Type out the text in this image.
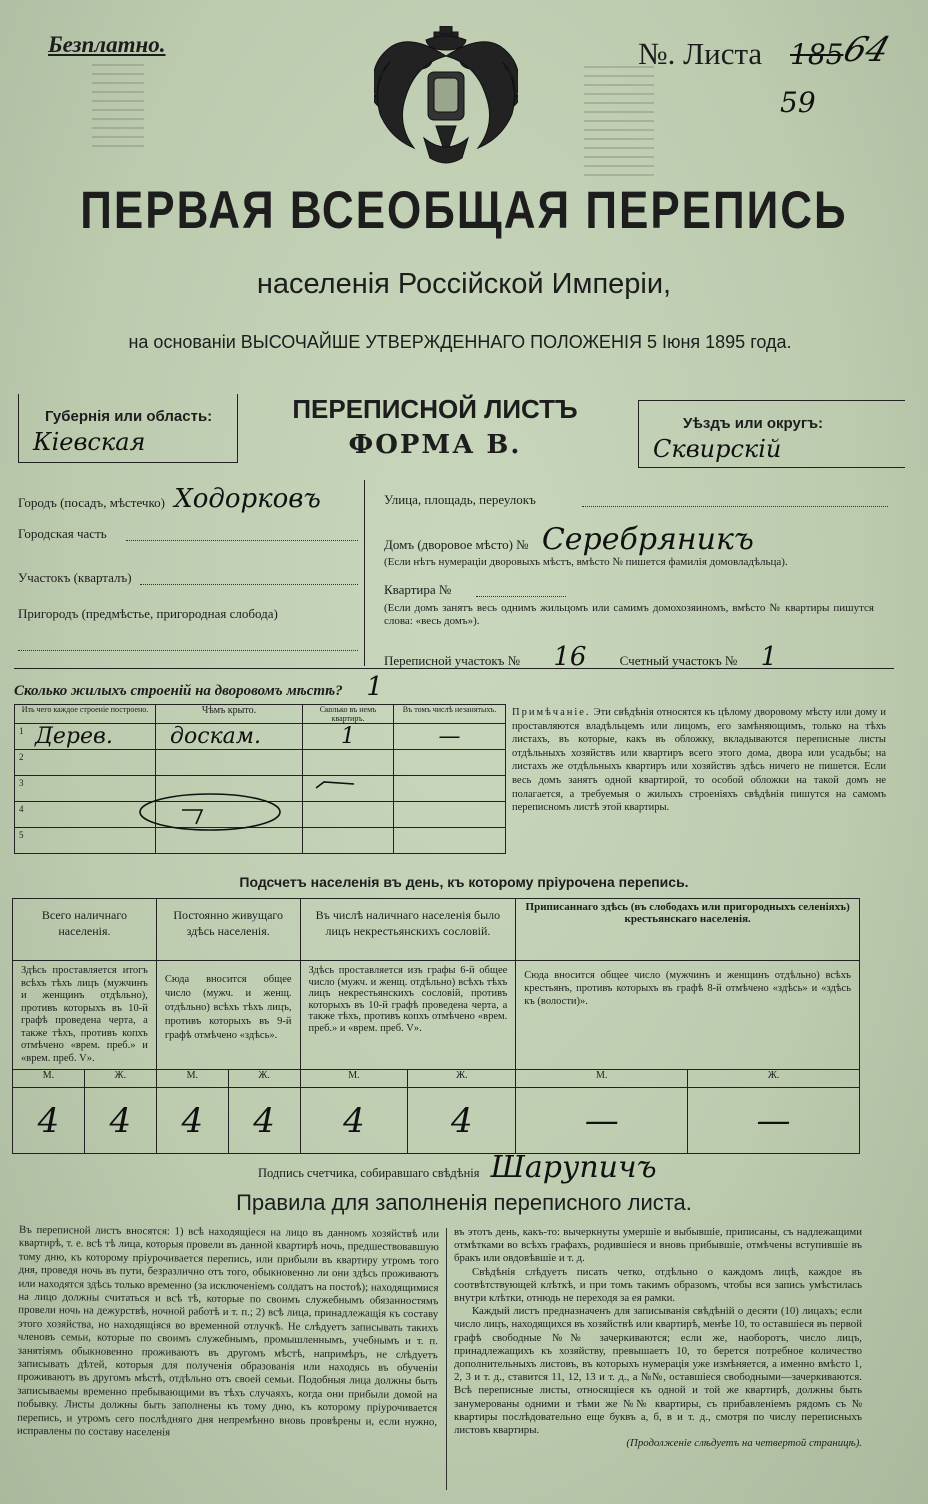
Безплатно.	№. Листа 185
64
59
ПЕРВАЯ ВСЕОБЩАЯ ПЕРЕПИСЬ
населенія Россійской Имперіи,
на основаніи ВЫСОЧАЙШЕ УТВЕРЖДЕННАГО ПОЛОЖЕНІЯ 5 Іюня 1895 года.
Губернія или область:
Кіевская
ПЕРЕПИСНОЙ ЛИСТЪ
ФОРМА В.
Уѣздъ или округъ:
Сквирскій
Городъ (посадъ, мѣстечко) Ходорковъ
Городская часть
Участокъ (кварталъ)
Пригородъ (предмѣстье, пригородная слобода)
Улица, площадь, переулокъ
Домъ (дворовое мѣсто) № Серебряникъ
(Если нѣтъ нумераціи дворовыхъ мѣстъ, вмѣсто № пишется фамилія домовладѣльца).
Квартира №
(Если домъ занятъ весь однимъ жильцомъ или самимъ домохозяиномъ, вмѣсто № квартиры пишутся слова: «весь домъ»).
Переписной участокъ № 16	Счетный участокъ № 1
Сколько жилыхъ строеній на дворовомъ мѣстѣ? 1
Изъ чего каждое строеніе построено.	Чѣмъ крыто.	Сколько въ немъ квартиръ.	Въ томъ числѣ незанятыхъ.

1 Дерев.	доскам.	1	—

2			

3			

4			

5			

Примѣчаніе. Эти свѣдѣнія относятся къ цѣлому дворовому мѣсту или дому и проставляются владѣльцемъ или лицомъ, его замѣняющимъ, только на тѣхъ листахъ, въ которые, какъ въ обложку, вкладываются переписные листы отдѣльныхъ хозяйствъ или квартиръ всего этого дома, двора или усадьбы; на листахъ же отдѣльныхъ квартиръ или хозяйствъ здѣсь ничего не пишется. Если весь домъ занятъ одной квартирой, то особой обложки на такой домъ не полагается, а требуемыя о жилыхъ строеніяхъ свѣдѣнія пишутся на самомъ переписномъ листѣ этой квартиры.
Подсчетъ населенія въ день, къ которому пріурочена перепись.
Всего наличнаго населенія.		Постоянно живущаго здѣсь населенія.		Въ числѣ наличнаго населенія было лицъ некрестьянскихъ сословій.		Приписаннаго здѣсь (въ слободахъ или пригородныхъ селеніяхъ) крестьянскаго населенія.	
Здѣсь проставляется итогъ всѣхъ тѣхъ лицъ (мужчинъ и женщинъ отдѣльно), противъ которыхъ въ 10-й графѣ проведена черта, а также тѣхъ, противъ копхъ отмѣчено «врем. преб.» и «врем. преб. V».		Сюда вносится общее число (мужч. и женщ. отдѣльно) всѣхъ тѣхъ лицъ, противъ которыхъ въ 9-й графѣ отмѣчено «здѣсь».		Здѣсь проставляется изъ графы 6-й общее число (мужч. и женщ. отдѣльно) всѣхъ тѣхъ лицъ некрестьянскихъ сословій, противъ которыхъ въ 10-й графѣ проведена черта, а также тѣхъ, противъ копхъ отмѣчено «врем. преб.» и «врем. преб. V».		Сюда вносится общее число (мужчинъ и женщинъ отдѣльно) всѣхъ крестьянъ, противъ которыхъ въ графѣ 8-й отмѣчено «здѣсь» и «здѣсь къ (волости)».	
М.	Ж.	М.	Ж.	М.	Ж.	М.	Ж.
4	4	4	4	4	4	—	—
Подпись счетчика, собиравшаго свѣдѣнія Шарупичъ
Правила для заполненія переписного листа.
Въ переписной листъ вносятся: 1) всѣ находящіеся на лицо въ данномъ хозяйствѣ или квартирѣ, т. е. всѣ тѣ лица, которыя провели въ данной квартирѣ ночь, предшествовавшую тому дню, къ которому пріурочивается перепись, или прибыли въ квартиру утромъ того дня, проведя ночь въ пути, безразлично отъ того, обыкновенно ли они здѣсь проживаютъ или находятся здѣсь только временно (за исключеніемъ солдатъ на постоѣ); находящимися на лицо должны считаться и всѣ тѣ, которые по своимъ служебнымъ обязанностямъ провели ночь на дежурствѣ, ночной работѣ и т. п.; 2) всѣ лица, принадлежащія къ составу этого хозяйства, но находящіяся во временной отлучкѣ. Не слѣдуетъ записывать такихъ членовъ семьи, которые по своимъ служебнымъ, промышленнымъ, учебнымъ и т. п. занятіямъ обыкновенно проживаютъ въ другомъ мѣстѣ, напримѣръ, не слѣдуетъ записывать дѣтей, которыя для полученія образованія или находясь въ обученіи проживаютъ въ другомъ мѣстѣ, отдѣльно отъ своей семьи. Подобныя лица должны быть записываемы временно пребывающими въ тѣхъ случаяхъ, когда они прибыли домой на побывку. Листы должны быть заполнены къ тому дню, къ которому пріурочивается перепись, и утромъ сего послѣдняго дня непремѣнно вновь провѣрены и, если нужно, исправлены по составу населенія
въ этотъ день, какъ-то: вычеркнуты умершіе и выбывшіе, приписаны, съ надлежащими отмѣтками во всѣхъ графахъ, родившіеся и вновь прибывшіе, отмѣчены вступившіе въ бракъ или овдовѣвшіе и т. д.
Свѣдѣнія слѣдуетъ писать четко, отдѣльно о каждомъ лицѣ, каждое въ соотвѣтствующей клѣткѣ, и при томъ такимъ образомъ, чтобы вся запись умѣстилась внутри клѣтки, отнюдь не переходя за ея рамки.
Каждый листъ предназначенъ для записыванія свѣдѣній о десяти (10) лицахъ; если число лицъ, находящихся въ хозяйствѣ или квартирѣ, менѣе 10, то оставшіеся въ первой графѣ свободные №№ зачеркиваются; если же, наоборотъ, число лицъ, принадлежащихъ къ хозяйству, превышаетъ 10, то берется потребное количество дополнительныхъ листовъ, въ которыхъ нумерація уже измѣняется, а именно вмѣсто 1, 2, 3 и т. д., ставится 11, 12, 13 и т. д., а №№, оставшіеся свободными—зачеркиваются. Всѣ переписные листы, относящіеся къ одной и той же квартирѣ, должны быть занумерованы одними и тѣми же №№ квартиры, съ прибавленіемъ рядомъ съ № квартиры послѣдовательно еще буквъ а, б, в и т. д., смотря по числу переписныхъ листовъ квартиры.
(Продолженіе слѣдуетъ на четвертой страницѣ).
